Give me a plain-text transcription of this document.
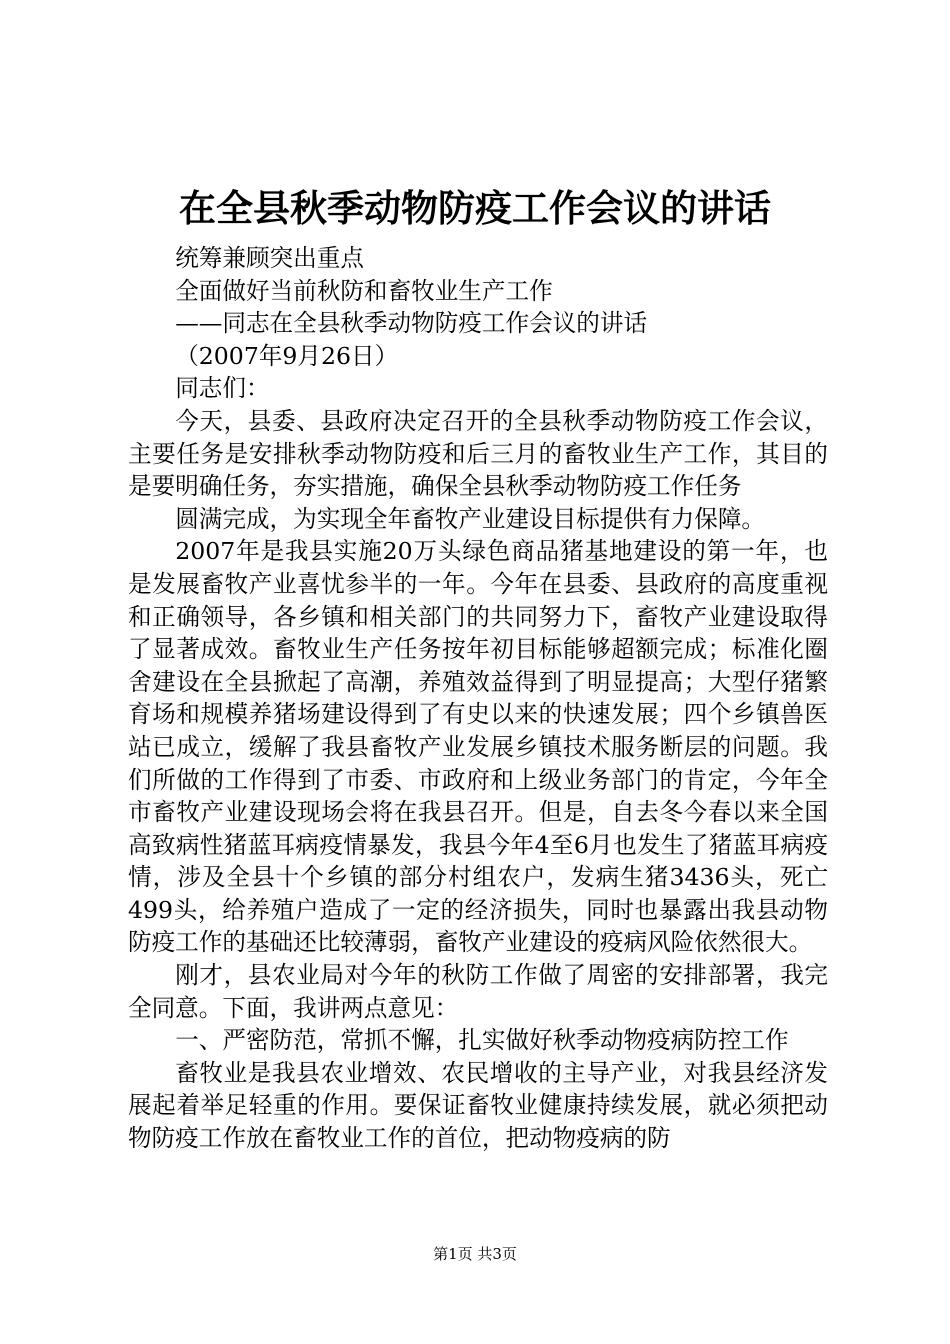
在全县秋季动物防疫工作会议的讲话

统筹兼顾突出重点

全面做好当前秋防和畜牧业生产工作

——同志在全县秋季动物防疫工作会议的讲话

（2007年9月26日）

同志们：

今天，县委、县政府决定召开的全县秋季动物防疫工作会议，主要任务是安排秋季动物防疫和后三月的畜牧业生产工作，其目的是要明确任务，夯实措施，确保全县秋季动物防疫工作任务

圆满完成，为实现全年畜牧产业建设目标提供有力保障。

2007年是我县实施20万头绿色商品猪基地建设的第一年，也是发展畜牧产业喜忧参半的一年。今年在县委、县政府的高度重视和正确领导，各乡镇和相关部门的共同努力下，畜牧产业建设取得了显著成效。畜牧业生产任务按年初目标能够超额完成；标准化圈舍建设在全县掀起了高潮，养殖效益得到了明显提高；大型仔猪繁育场和规模养猪场建设得到了有史以来的快速发展；四个乡镇兽医站已成立，缓解了我县畜牧产业发展乡镇技术服务断层的问题。我们所做的工作得到了市委、市政府和上级业务部门的肯定，今年全市畜牧产业建设现场会将在我县召开。但是，自去冬今春以来全国高致病性猪蓝耳病疫情暴发，我县今年4至6月也发生了猪蓝耳病疫情，涉及全县十个乡镇的部分村组农户，发病生猪3436头，死亡499头，给养殖户造成了一定的经济损失，同时也暴露出我县动物防疫工作的基础还比较薄弱，畜牧产业建设的疫病风险依然很大。

刚才，县农业局对今年的秋防工作做了周密的安排部署，我完全同意。下面，我讲两点意见：

一、严密防范，常抓不懈，扎实做好秋季动物疫病防控工作

畜牧业是我县农业增效、农民增收的主导产业，对我县经济发展起着举足轻重的作用。要保证畜牧业健康持续发展，就必须把动物防疫工作放在畜牧业工作的首位，把动物疫病的防

第1页 共3页
